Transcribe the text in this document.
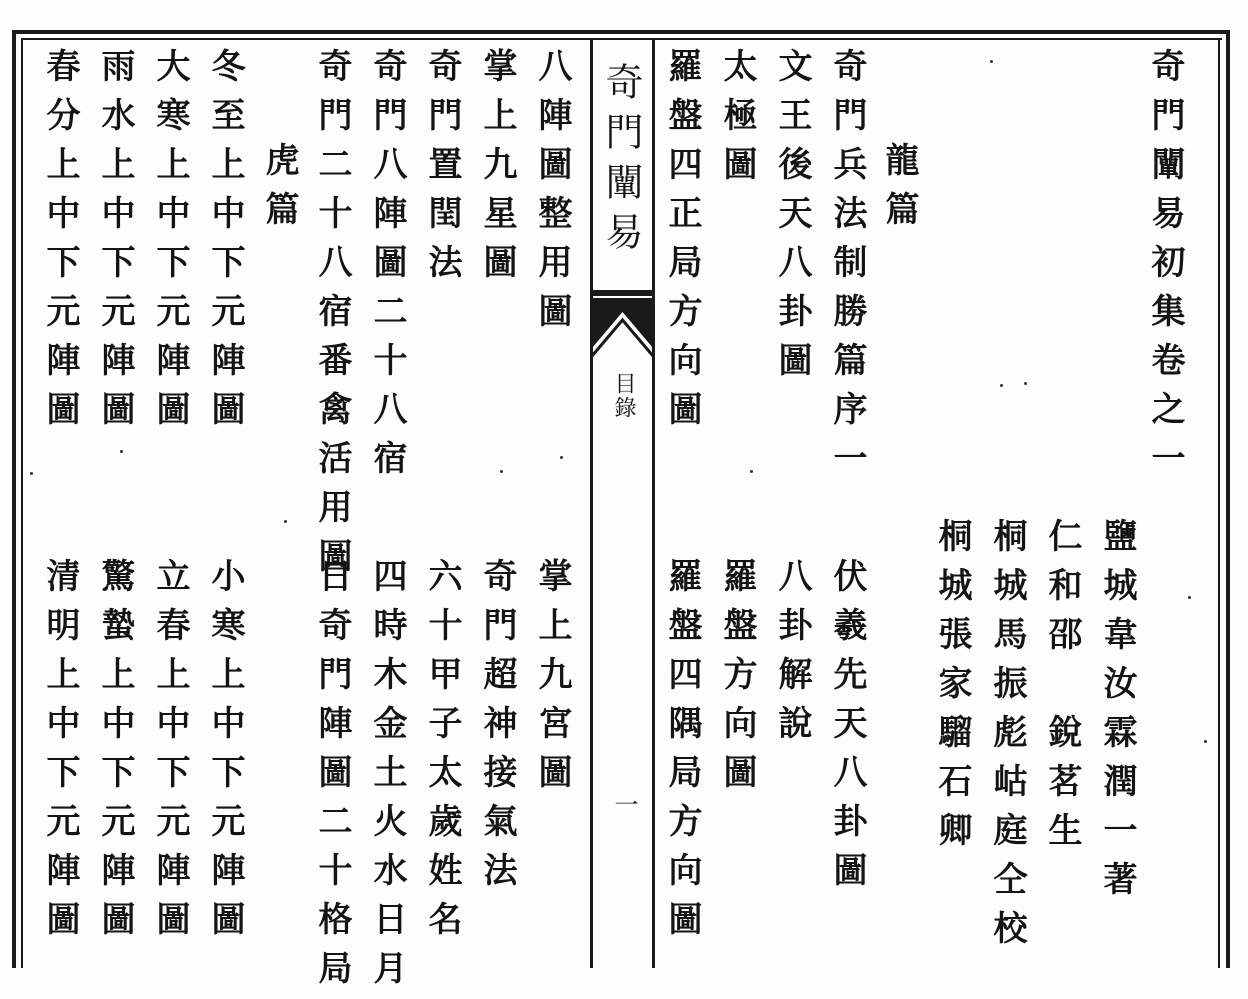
奇門闡易
目錄
一
奇門闡易初集卷之一
鹽城韋汝霖潤一著
仁和邵　銳茗生
桐城馬振彪岵庭仝校
桐城張家騮石卿
龍篇
奇門兵法制勝篇序一
伏羲先天八卦圖
文王後天八卦圖
八卦解說
太極圖
羅盤方向圖
羅盤四正局方向圖
羅盤四隅局方向圖
八陣圖整用圖
掌上九宮圖
掌上九星圖
奇門超神接氣法
奇門置閏法
六十甲子太歲姓名
奇門八陣圖二十八宿
四時木金土火水日月
奇門二十八宿番禽活用圖
日奇門陣圖二十格局
虎篇
冬至上中下元陣圖
小寒上中下元陣圖
大寒上中下元陣圖
立春上中下元陣圖
雨水上中下元陣圖
驚蟄上中下元陣圖
春分上中下元陣圖
清明上中下元陣圖
